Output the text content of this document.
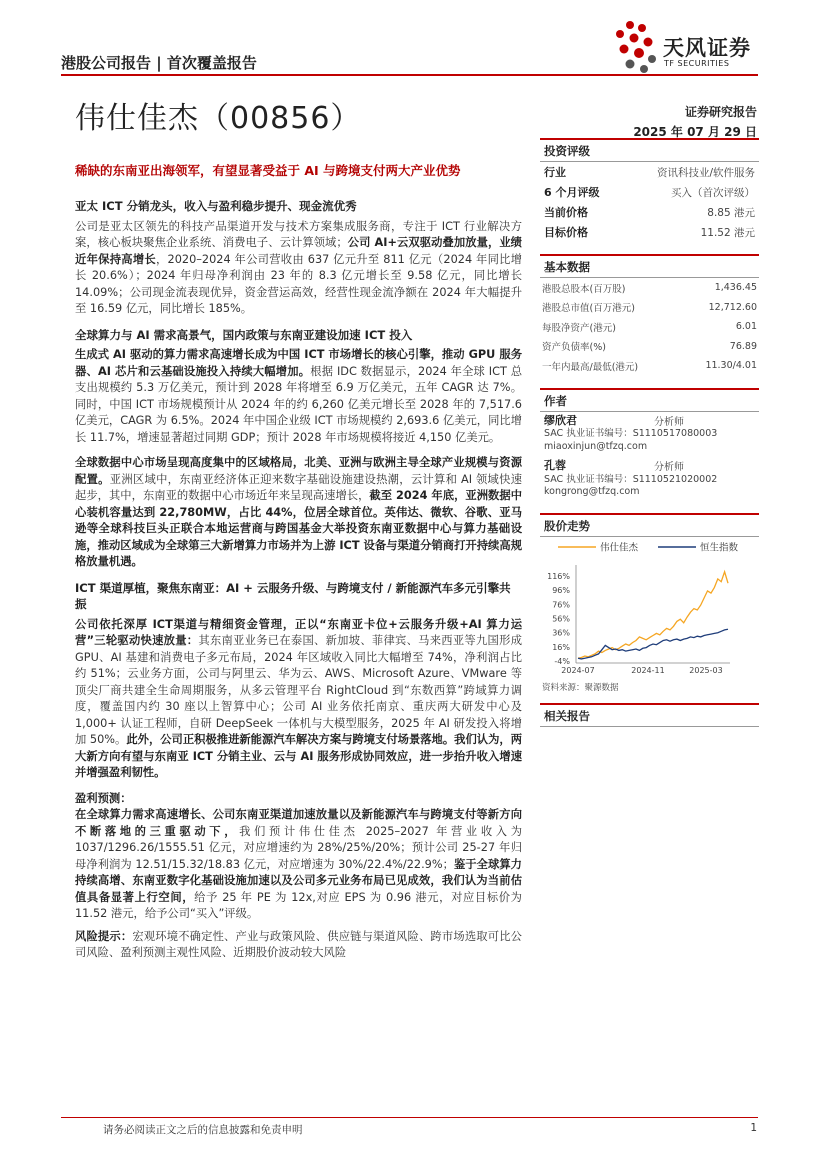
港股公司报告 | 首次覆盖报告
天风证券
TF SECURITIES
伟仕佳杰（00856）	证券研究报告
2025 年 07 月 29 日
稀缺的东南亚出海领军，有望显著受益于 AI 与跨境支付两大产业优势
亚太 ICT 分销龙头，收入与盈利稳步提升、现金流优秀

公司是亚太区领先的科技产品渠道开发与技术方案集成服务商，专注于 ICT 行业解决方案，核心板块聚焦企业系统、消费电子、云计算领域；公司 AI+云双驱动叠加放量，业绩近年保持高增长，2020–2024 年公司营收由 637 亿元升至 811 亿元（2024 年同比增长 20.6%）；2024 年归母净利润由 23 年的 8.3 亿元增长至 9.58 亿元，同比增长 14.09%；公司现金流表现优异，资金营运高效，经营性现金流净额在 2024 年大幅提升至 16.59 亿元，同比增长 185%。

全球算力与 AI 需求高景气，国内政策与东南亚建设加速 ICT 投入

生成式 AI 驱动的算力需求高速增长成为中国 ICT 市场增长的核心引擎，推动 GPU 服务器、AI 芯片和云基础设施投入持续大幅增加。根据 IDC 数据显示，2024 年全球 ICT 总支出规模约 5.3 万亿美元，预计到 2028 年将增至 6.9 万亿美元，五年 CAGR 达 7%。同时，中国 ICT 市场规模预计从 2024 年的约 6,260 亿美元增长至 2028 年的 7,517.6 亿美元，CAGR 为 6.5%。2024 年中国企业级 ICT 市场规模约 2,693.6 亿美元，同比增长 11.7%，增速显著超过同期 GDP；预计 2028 年市场规模将接近 4,150 亿美元。

全球数据中心市场呈现高度集中的区域格局，北美、亚洲与欧洲主导全球产业规模与资源配置。亚洲区域中，东南亚经济体正迎来数字基础设施建设热潮，云计算和 AI 领域快速起步，其中，东南亚的数据中心市场近年来呈现高速增长，截至 2024 年底，亚洲数据中心装机容量达到 22,780MW，占比 44%，位居全球首位。英伟达、微软、谷歌、亚马逊等全球科技巨头正联合本地运营商与跨国基金大举投资东南亚数据中心与算力基础设施，推动区域成为全球第三大新增算力市场并为上游 ICT 设备与渠道分销商打开持续高规格放量机遇。

ICT 渠道厚植，聚焦东南亚：AI + 云服务升级、与跨境支付 / 新能源汽车多元引擎共振

公司依托深厚 ICT渠道与精细资金管理，正以“东南亚卡位+云服务升级+AI 算力运营”三轮驱动快速放量：其东南亚业务已在泰国、新加坡、菲律宾、马来西亚等九国形成 GPU、AI 基建和消费电子多元布局，2024 年区域收入同比大幅增至 74%，净利润占比约 51%；云业务方面，公司与阿里云、华为云、AWS、Microsoft Azure、VMware 等顶尖厂商共建全生命周期服务，从多云管理平台 RightCloud 到“东数西算”跨域算力调度，覆盖国内约 30 座以上智算中心；公司 AI 业务依托南京、重庆两大研发中心及 1,000+ 认证工程师，自研 DeepSeek 一体机与大模型服务，2025 年 AI 研发投入将增加 50%。此外，公司正积极推进新能源汽车解决方案与跨境支付场景落地。我们认为，两大新方向有望与东南亚 ICT 分销主业、云与 AI 服务形成协同效应，进一步抬升收入增速并增强盈利韧性。

盈利预测：
在全球算力需求高速增长、公司东南亚渠道加速放量以及新能源汽车与跨境支付等新方向不断落地的三重驱动下，我们预计伟仕佳杰 2025–2027 年营业收入为 1037/1296.26/1555.51 亿元，对应增速约为 28%/25%/20%；预计公司 25-27 年归母净利润为 12.51/15.32/18.83 亿元，对应增速为 30%/22.4%/22.9%；鉴于全球算力持续高增、东南亚数字化基础设施加速以及公司多元业务布局已见成效，我们认为当前估值具备显著上行空间，给予 25 年 PE 为 12x,对应 EPS 为 0.96 港元，对应目标价为 11.52 港元，给予公司“买入”评级。

风险提示：宏观环境不确定性、产业与政策风险、供应链与渠道风险、跨市场选取可比公司风险、盈利预测主观性风险、近期股价波动较大风险

投资评级
行业	资讯科技业/软件服务
6 个月评级	买入（首次评级）
当前价格	8.85 港元
目标价格	11.52 港元
基本数据
港股总股本(百万股)	1,436.45
港股总市值(百万港元)	12,712.60
每股净资产(港元)	6.01
资产负债率(%)	76.89
一年内最高/最低(港元)	11.30/4.01
作者
缪欣君	分析师
SAC 执业证书编号：S1110517080003
miaoxinjun@tfzq.com
孔蓉	分析师
SAC 执业证书编号：S1110521020002
kongrong@tfzq.com
股价走势
伟仕佳杰	恒生指数
116%
96%
76%
56%
36%
16%
-4%
2024-07	2024-11	2025-03
资料来源：聚源数据
相关报告
请务必阅读正文之后的信息披露和免责申明	1
